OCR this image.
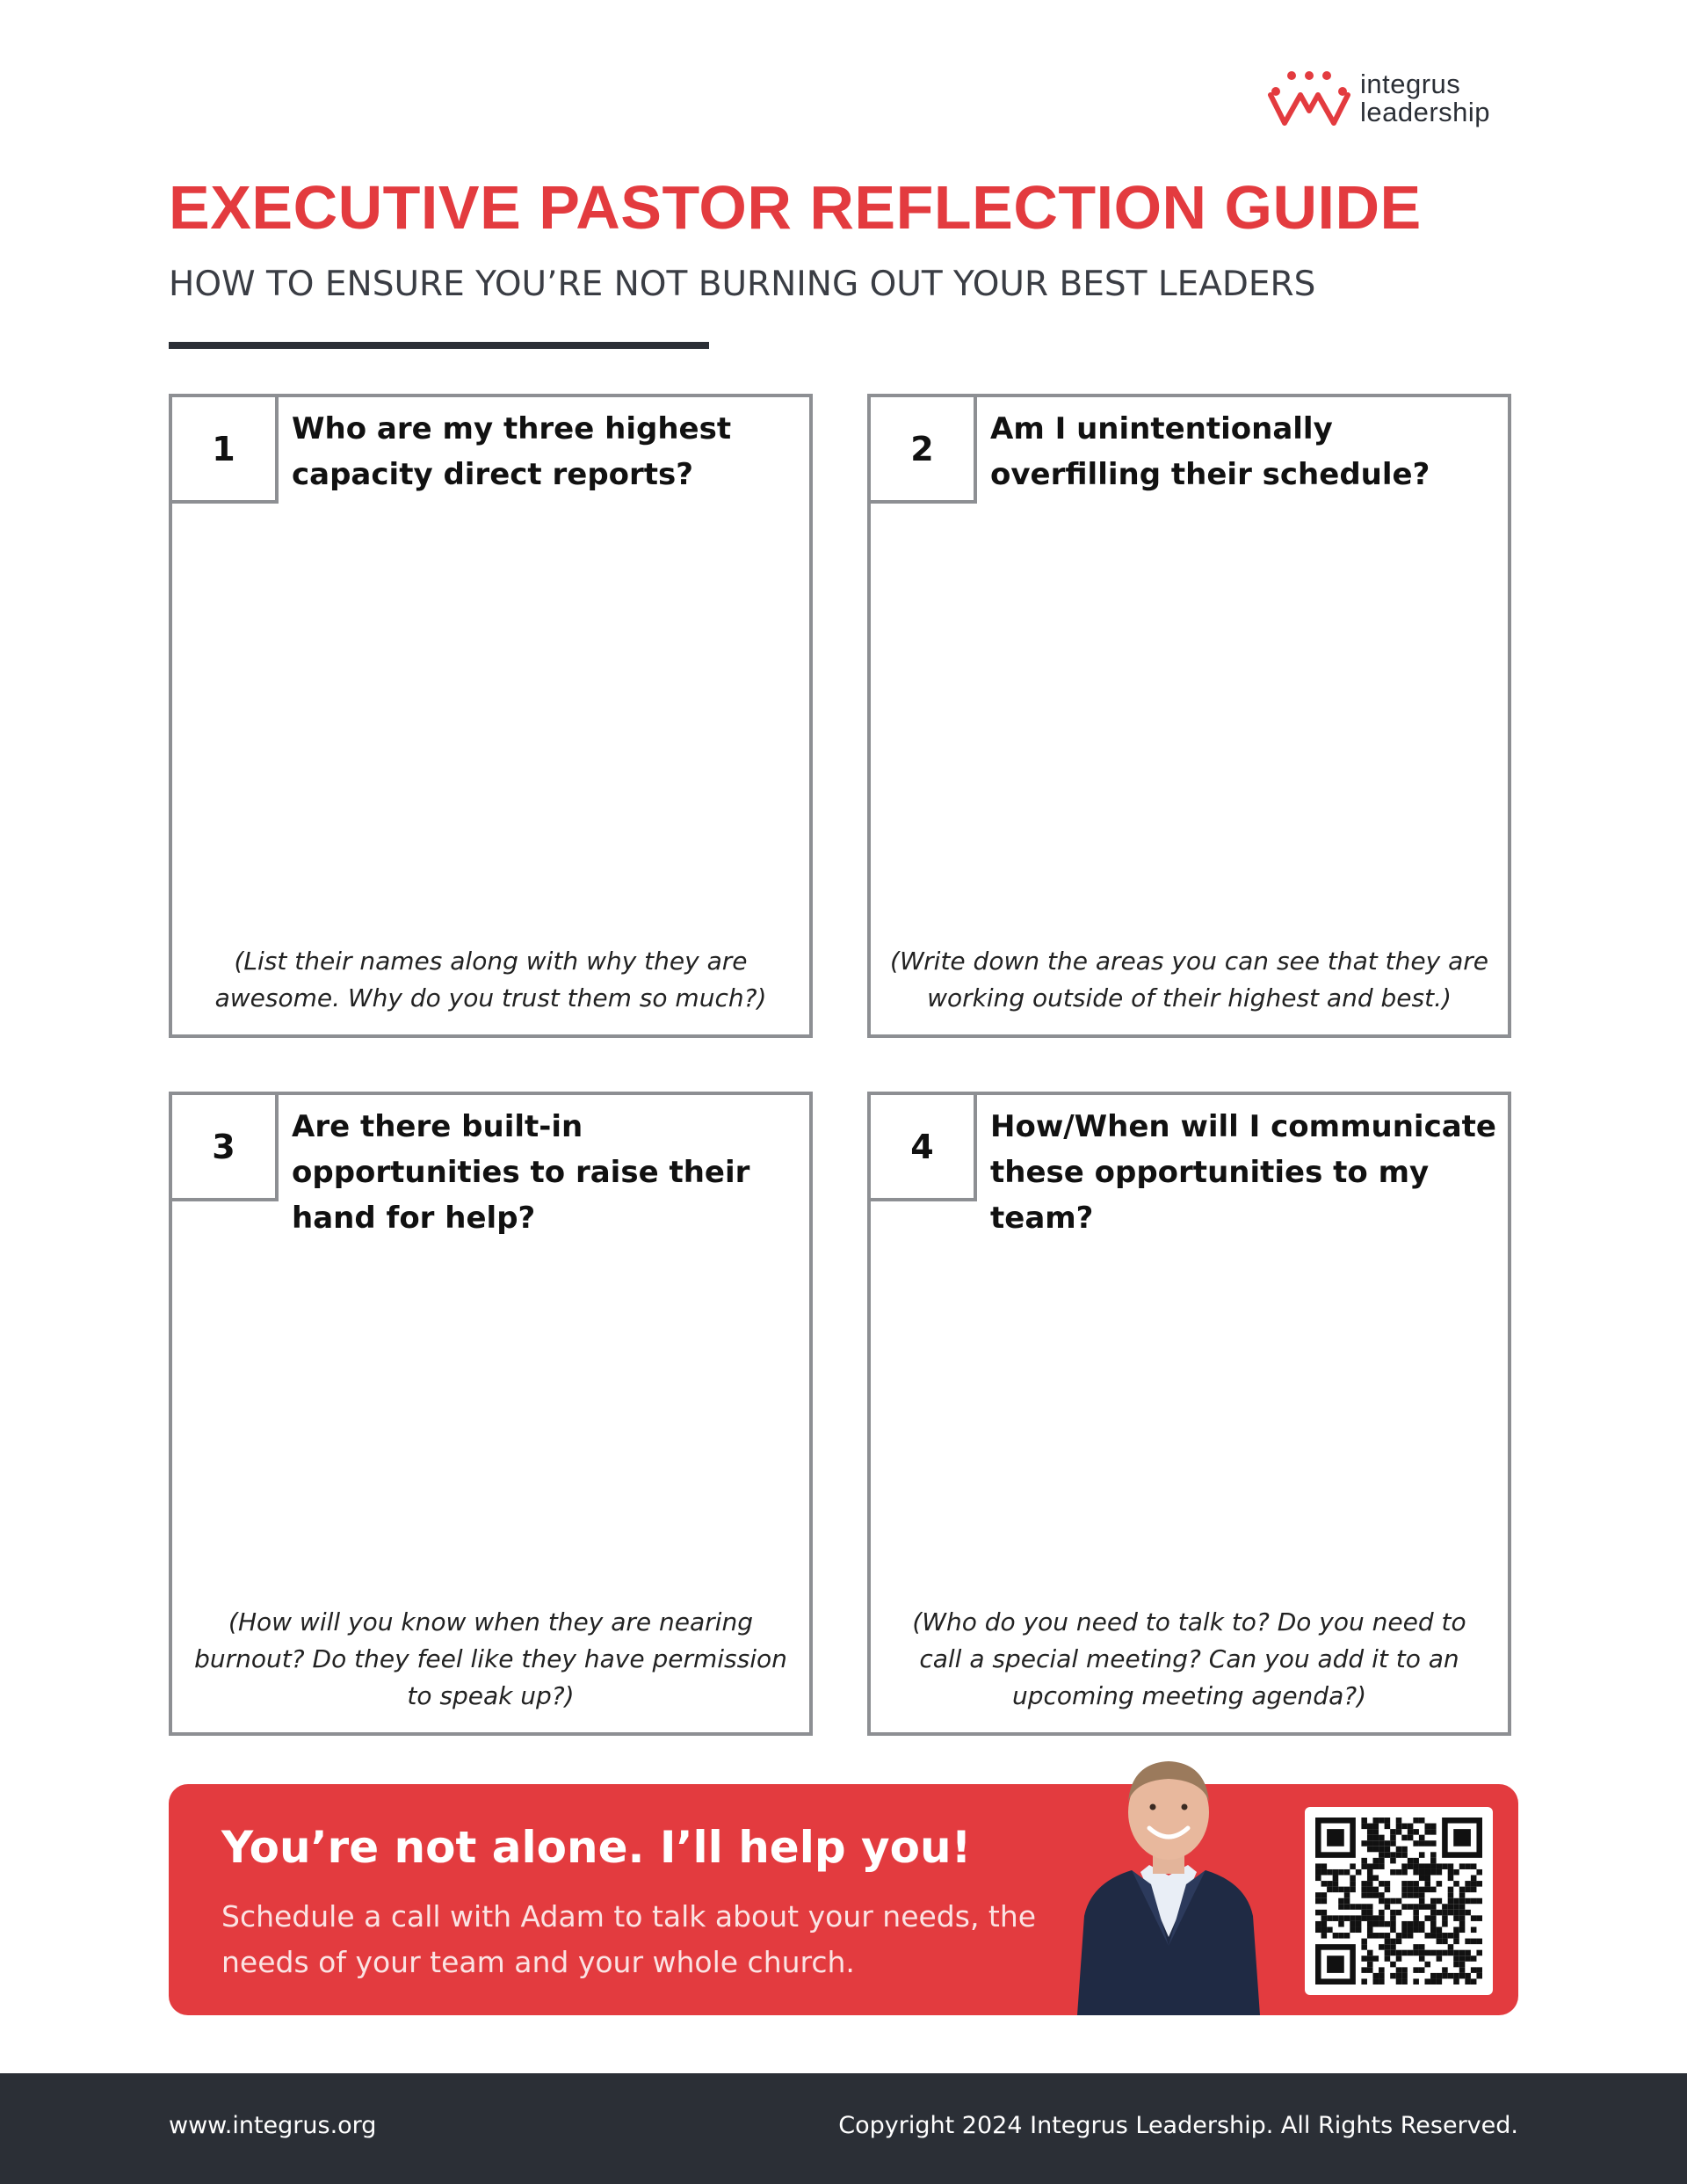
integrus
leadership
EXECUTIVE PASTOR REFLECTION GUIDE
HOW TO ENSURE YOU’RE NOT BURNING OUT YOUR BEST LEADERS
1
Who are my three highest capacity direct reports?
(List their names along with why they are awesome. Why do you trust them so much?)
2
Am I unintentionally overfilling their schedule?
(Write down the areas you can see that they are working outside of their highest and best.)
3
Are there built-in opportunities to raise their hand for help?
(How will you know when they are nearing burnout? Do they feel like they have permission to speak up?)
4
How/When will I communicate these opportunities to my team?
(Who do you need to talk to? Do you need to call a special meeting? Can you add it to an upcoming meeting agenda?)
You’re not alone. I’ll help you!
Schedule a call with Adam to talk about your needs, the needs of your team and your whole church.
www.integrus.org	Copyright 2024 Integrus Leadership. All Rights Reserved.
